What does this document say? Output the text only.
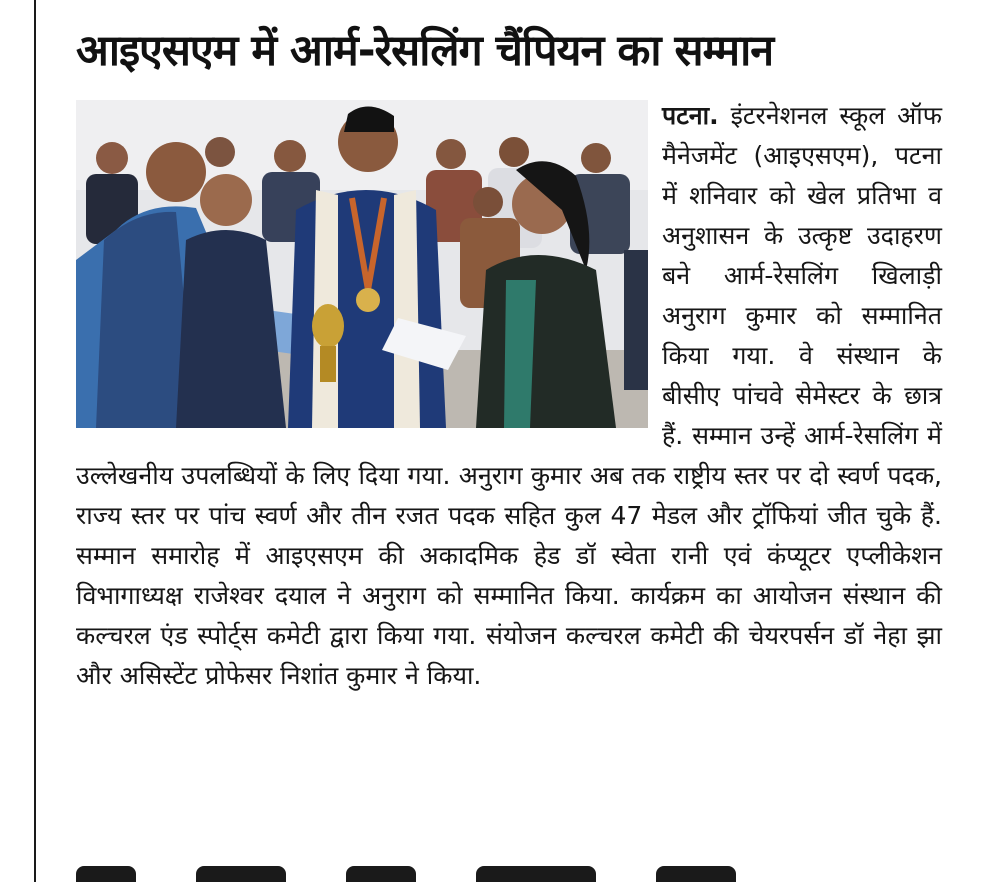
आइएसएम में आर्म-रेसलिंग चैंपियन का सम्मान
पटना. इंटरनेशनल स्कूल ऑफ मैनेजमेंट (आइएसएम), पटना में शनिवार को खेल प्रतिभा व अनुशासन के उत्कृष्ट उदाहरण बने आर्म-रेसलिंग खिलाड़ी अनुराग कुमार को सम्मानित किया गया. वे संस्थान के बीसीए पांचवे सेमेस्टर के छात्र हैं. सम्मान उन्हें आर्म-रेसलिंग में उल्लेखनीय उपलब्धियों के लिए दिया गया. अनुराग कुमार अब तक राष्ट्रीय स्तर पर दो स्वर्ण पदक, राज्य स्तर पर पांच स्वर्ण और तीन रजत पदक सहित कुल 47 मेडल और ट्रॉफियां जीत चुके हैं. सम्मान समारोह में आइएसएम की अकादमिक हेड डॉ स्वेता रानी एवं कंप्यूटर एप्लीकेशन विभागाध्यक्ष राजेश्वर दयाल ने अनुराग को सम्मानित किया. कार्यक्रम का आयोजन संस्थान की कल्चरल एंड स्पोर्ट्स कमेटी द्वारा किया गया. संयोजन कल्चरल कमेटी की चेयरपर्सन डॉ नेहा झा और असिस्टेंट प्रोफेसर निशांत कुमार ने किया.
